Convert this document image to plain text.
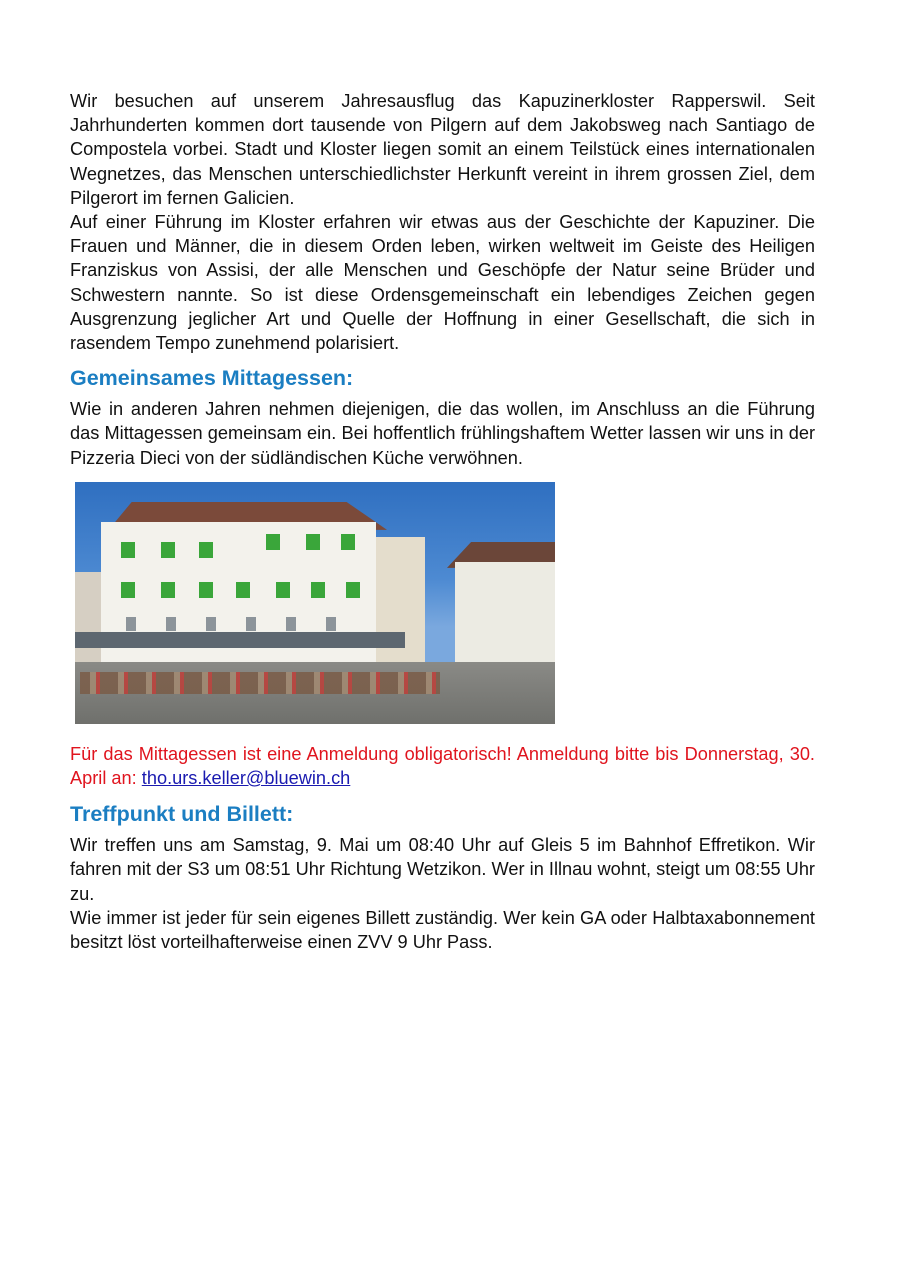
Wir besuchen auf unserem Jahresausflug das Kapuzinerkloster Rapperswil. Seit Jahrhunderten kommen dort tausende von Pilgern auf dem Jakobsweg nach Santiago de Compostela vorbei. Stadt und Kloster liegen somit an einem Teilstück eines internationalen Wegnetzes, das Menschen unterschiedlichster Herkunft vereint in ihrem grossen Ziel, dem Pilgerort im fernen Galicien.

Auf einer Führung im Kloster erfahren wir etwas aus der Geschichte der Kapuziner. Die Frauen und Männer, die in diesem Orden leben, wirken weltweit im Geiste des Heiligen Franziskus von Assisi, der alle Menschen und Geschöpfe der Natur seine Brüder und Schwestern nannte. So ist diese Ordensgemeinschaft ein lebendiges Zeichen gegen Ausgrenzung jeglicher Art und Quelle der Hoffnung in einer Gesellschaft, die sich in rasendem Tempo zunehmend polarisiert.

Gemeinsames Mittagessen:

Wie in anderen Jahren nehmen diejenigen, die das wollen, im Anschluss an die Führung das Mittagessen gemeinsam ein. Bei hoffentlich frühlingshaftem Wetter lassen wir uns in der Pizzeria Dieci von der südländischen Küche verwöhnen.

Für das Mittagessen ist eine Anmeldung obligatorisch! Anmeldung bitte bis Donnerstag, 30. April an: tho.urs.keller@bluewin.ch

Treffpunkt und Billett:

Wir treffen uns am Samstag, 9. Mai um 08:40 Uhr auf Gleis 5 im Bahnhof Effretikon. Wir fahren mit der S3 um 08:51 Uhr Richtung Wetzikon. Wer in Illnau wohnt, steigt um 08:55 Uhr zu.

Wie immer ist jeder für sein eigenes Billett zuständig. Wer kein GA oder Halbtaxabonnement besitzt löst vorteilhafterweise einen ZVV 9 Uhr Pass.
